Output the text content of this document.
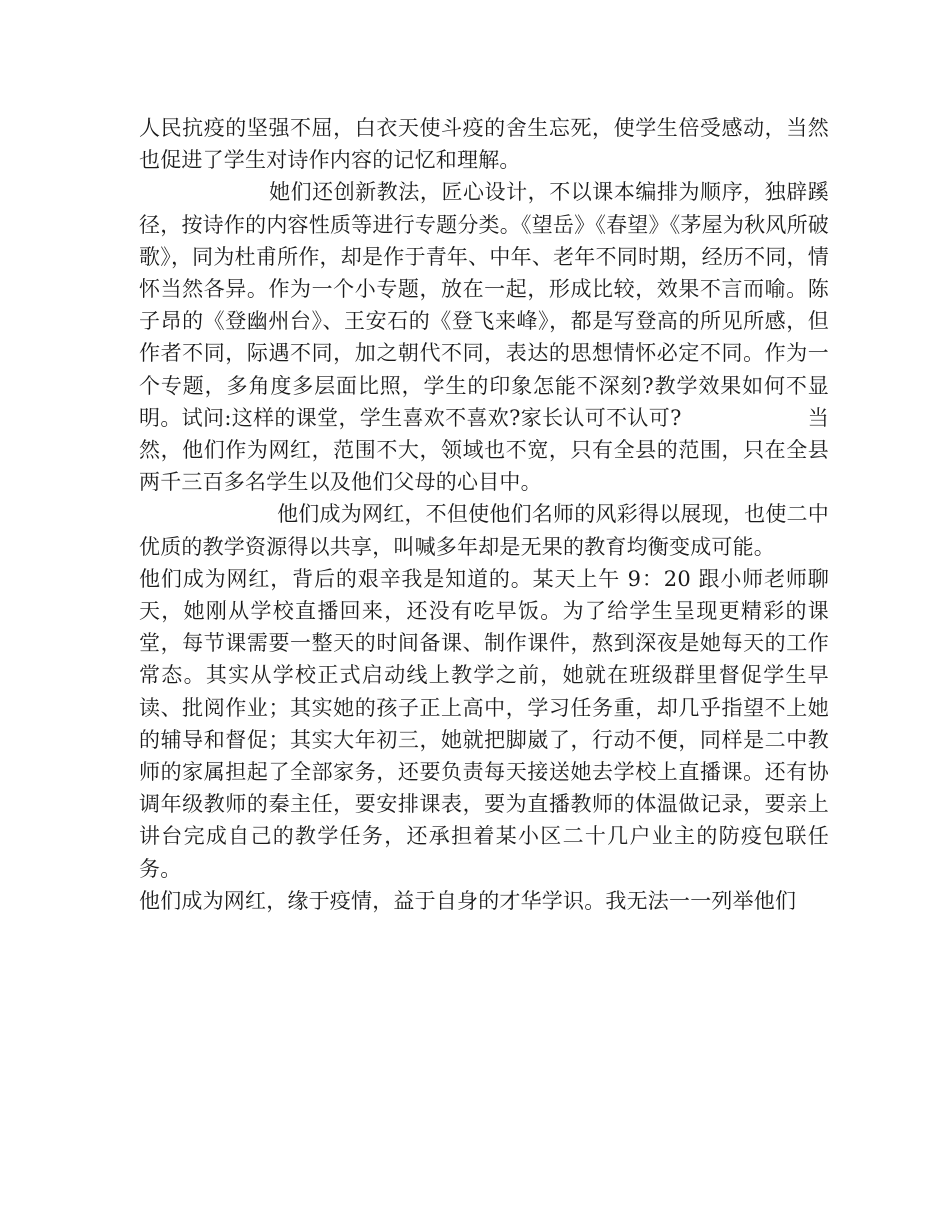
人民抗疫的坚强不屈，白衣天使斗疫的舍生忘死，使学生倍受感动，当然也促进了学生对诗作内容的记忆和理解。

她们还创新教法，匠心设计，不以课本编排为顺序，独辟蹊径，按诗作的内容性质等进行专题分类。《望岳》《春望》《茅屋为秋风所破歌》，同为杜甫所作，却是作于青年、中年、老年不同时期，经历不同，情怀当然各异。作为一个小专题，放在一起，形成比较，效果不言而喻。陈子昂的《登幽州台》、王安石的《登飞来峰》，都是写登高的所见所感，但作者不同，际遇不同，加之朝代不同，表达的思想情怀必定不同。作为一个专题，多角度多层面比照，学生的印象怎能不深刻?教学效果如何不显明。试问:这样的课堂，学生喜欢不喜欢?家长认可不认可?                  当然，他们作为网红，范围不大，领域也不宽，只有全县的范围，只在全县两千三百多名学生以及他们父母的心目中。

他们成为网红，不但使他们名师的风彩得以展现，也使二中优质的教学资源得以共享，叫喊多年却是无果的教育均衡变成可能。

他们成为网红，背后的艰辛我是知道的。某天上午 9：20 跟小师老师聊天，她刚从学校直播回来，还没有吃早饭。为了给学生呈现更精彩的课堂，每节课需要一整天的时间备课、制作课件，熬到深夜是她每天的工作常态。其实从学校正式启动线上教学之前，她就在班级群里督促学生早读、批阅作业；其实她的孩子正上高中，学习任务重，却几乎指望不上她的辅导和督促；其实大年初三，她就把脚崴了，行动不便，同样是二中教师的家属担起了全部家务，还要负责每天接送她去学校上直播课。还有协调年级教师的秦主任，要安排课表，要为直播教师的体温做记录，要亲上讲台完成自己的教学任务，还承担着某小区二十几户业主的防疫包联任务。

他们成为网红，缘于疫情，益于自身的才华学识。我无法一一列举他们
